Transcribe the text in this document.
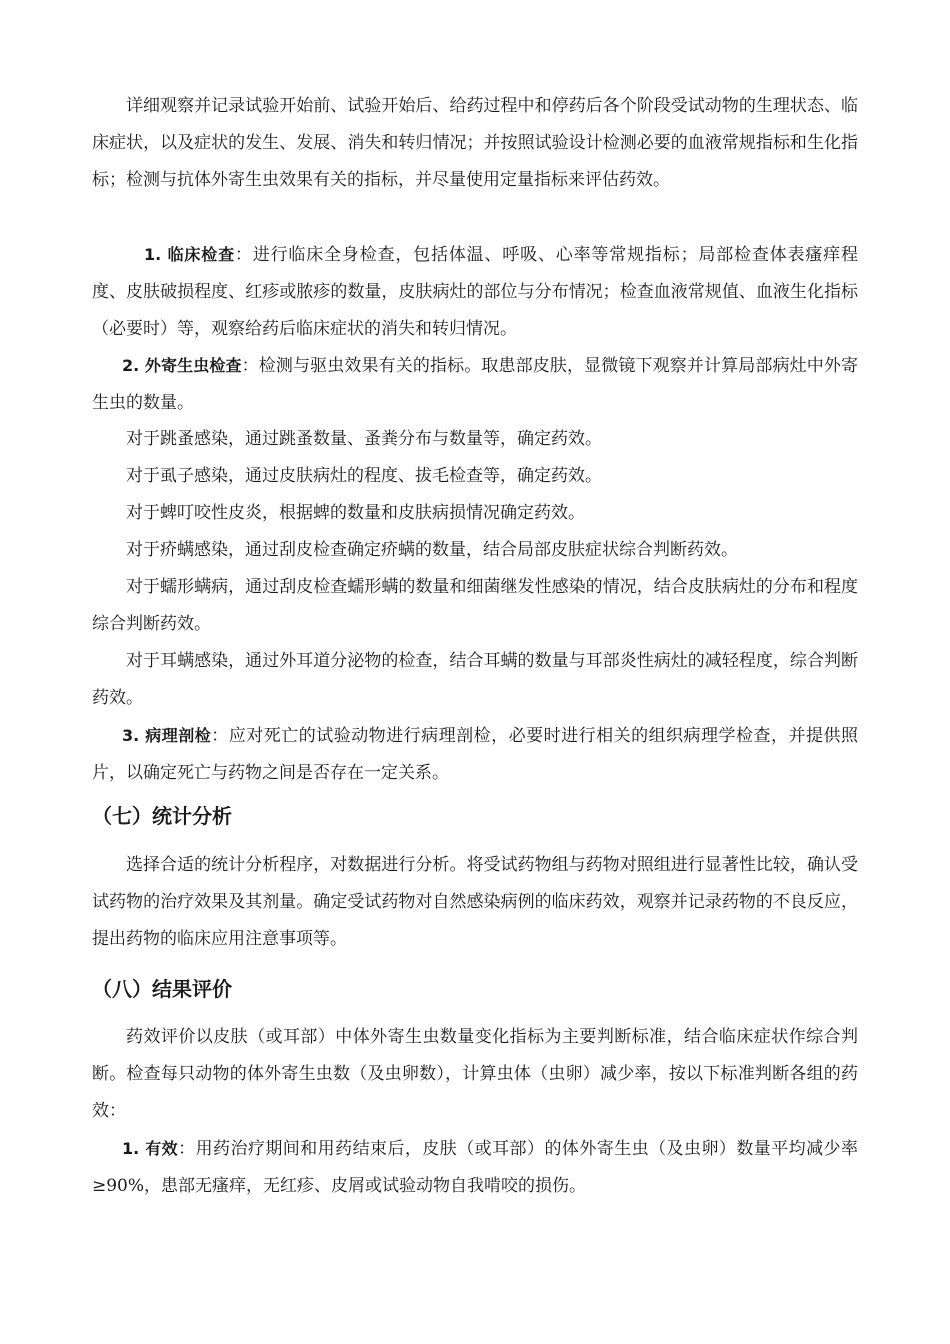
详细观察并记录试验开始前、试验开始后、给药过程中和停药后各个阶段受试动物的生理状态、临床症状，以及症状的发生、发展、消失和转归情况；并按照试验设计检测必要的血液常规指标和生化指标；检测与抗体外寄生虫效果有关的指标，并尽量使用定量指标来评估药效。

1. 临床检查：进行临床全身检查，包括体温、呼吸、心率等常规指标；局部检查体表瘙痒程度、皮肤破损程度、红疹或脓疹的数量，皮肤病灶的部位与分布情况；检查血液常规值、血液生化指标（必要时）等，观察给药后临床症状的消失和转归情况。

2. 外寄生虫检查：检测与驱虫效果有关的指标。取患部皮肤，显微镜下观察并计算局部病灶中外寄生虫的数量。

对于跳蚤感染，通过跳蚤数量、蚤粪分布与数量等，确定药效。

对于虱子感染，通过皮肤病灶的程度、拔毛检查等，确定药效。

对于蜱叮咬性皮炎，根据蜱的数量和皮肤病损情况确定药效。

对于疥螨感染，通过刮皮检查确定疥螨的数量，结合局部皮肤症状综合判断药效。

对于蠕形螨病，通过刮皮检查蠕形螨的数量和细菌继发性感染的情况，结合皮肤病灶的分布和程度综合判断药效。

对于耳螨感染，通过外耳道分泌物的检查，结合耳螨的数量与耳部炎性病灶的减轻程度，综合判断药效。

3. 病理剖检：应对死亡的试验动物进行病理剖检，必要时进行相关的组织病理学检查，并提供照片，以确定死亡与药物之间是否存在一定关系。

（七）统计分析

选择合适的统计分析程序，对数据进行分析。将受试药物组与药物对照组进行显著性比较，确认受试药物的治疗效果及其剂量。确定受试药物对自然感染病例的临床药效，观察并记录药物的不良反应，提出药物的临床应用注意事项等。

（八）结果评价

药效评价以皮肤（或耳部）中体外寄生虫数量变化指标为主要判断标准，结合临床症状作综合判断。检查每只动物的体外寄生虫数（及虫卵数），计算虫体（虫卵）减少率，按以下标准判断各组的药效：

1. 有效：用药治疗期间和用药结束后，皮肤（或耳部）的体外寄生虫（及虫卵）数量平均减少率≥90%，患部无瘙痒，无红疹、皮屑或试验动物自我啃咬的损伤。
